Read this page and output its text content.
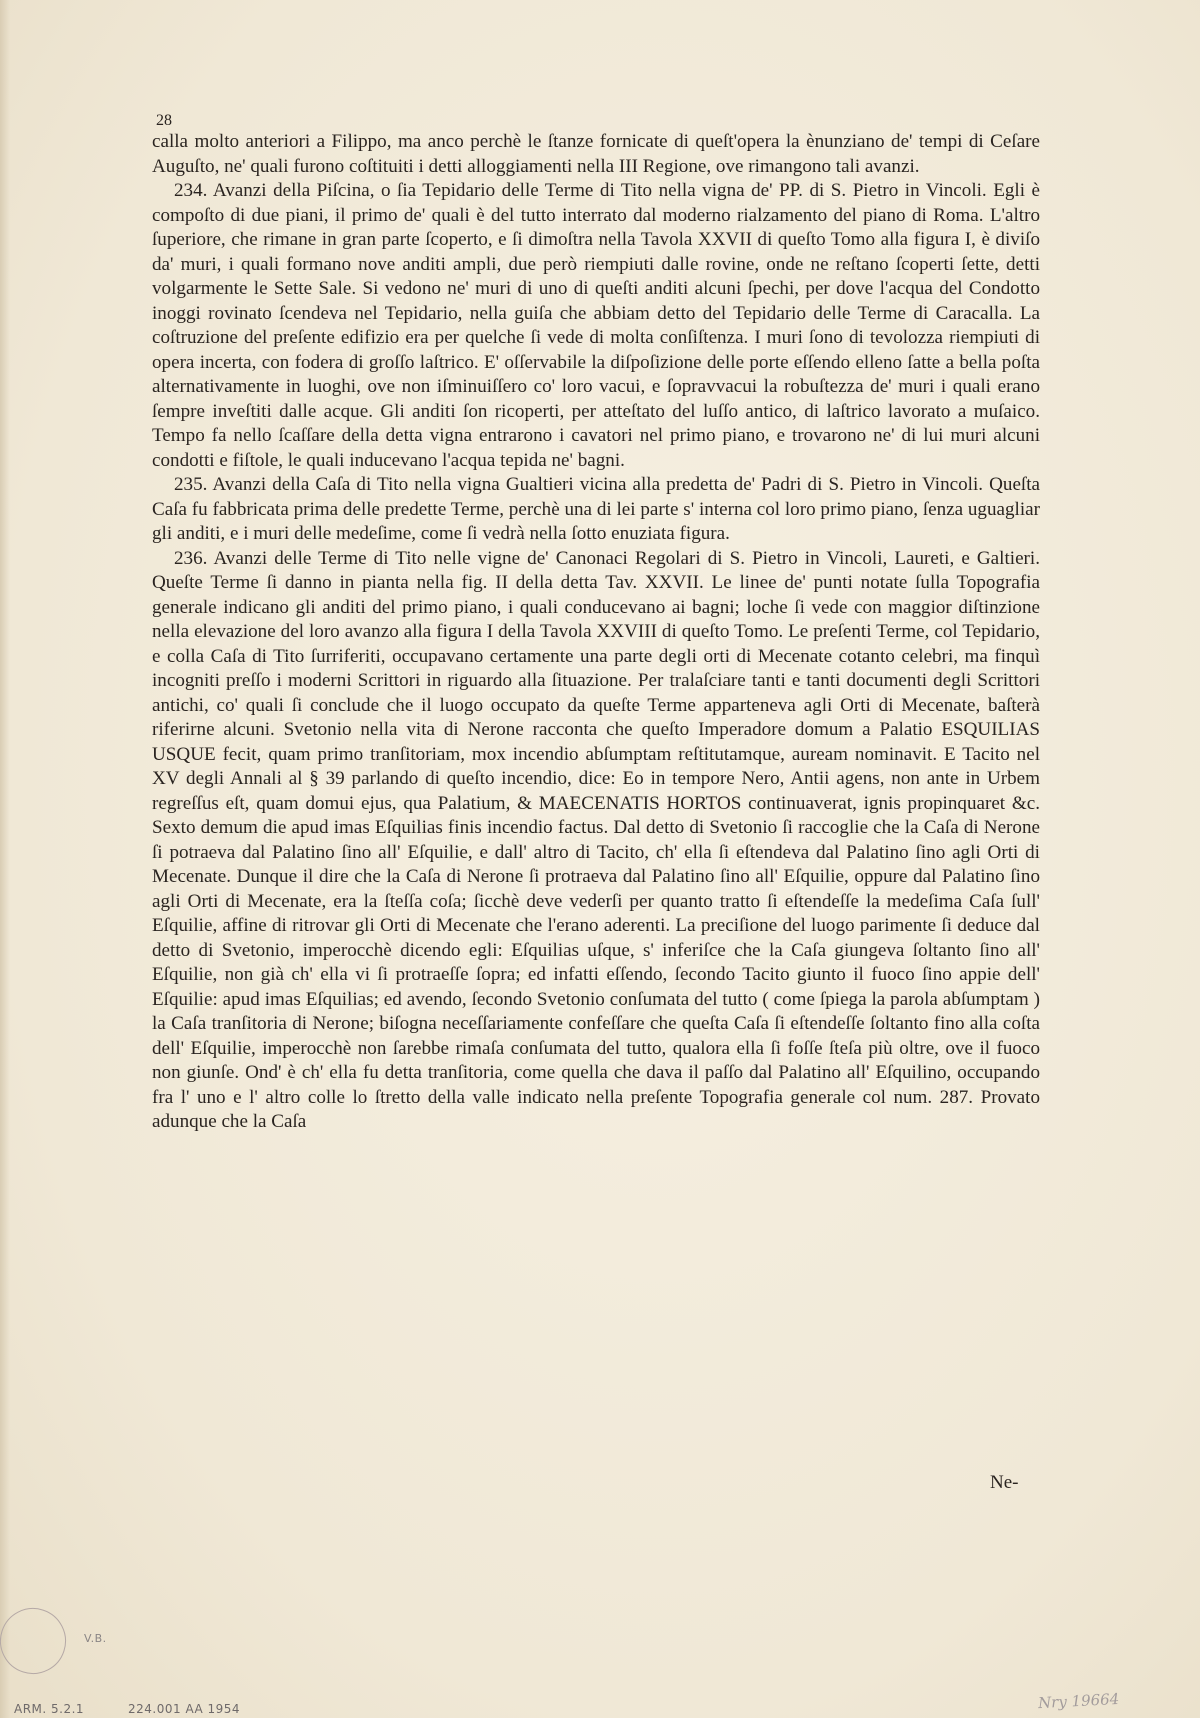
28

calla molto anteriori a Filippo, ma anco perchè le ſtanze fornicate di queſt'opera la ènunziano de' tempi di Ceſare Auguſto, ne' quali furono coſtituiti i detti alloggiamenti nella III Regione, ove rimangono tali avanzi.

234. Avanzi della Piſcina, o ſia Tepidario delle Terme di Tito nella vigna de' PP. di S. Pietro in Vincoli. Egli è compoſto di due piani, il primo de' quali è del tutto interrato dal moderno rialzamento del piano di Roma. L'altro ſuperiore, che rimane in gran parte ſcoperto, e ſi dimoſtra nella Tavola XXVII di queſto Tomo alla figura I, è diviſo da' muri, i quali formano nove anditi ampli, due però riempiuti dalle rovine, onde ne reſtano ſcoperti ſette, detti volgarmente le Sette Sale. Si vedono ne' muri di uno di queſti anditi alcuni ſpechi, per dove l'acqua del Condotto inoggi rovinato ſcendeva nel Tepidario, nella guiſa che abbiam detto del Tepidario delle Terme di Caracalla. La coſtruzione del preſente edifizio era per quelche ſi vede di molta conſiſtenza. I muri ſono di tevolozza riempiuti di opera incerta, con fodera di groſſo laſtrico. E' oſſervabile la diſpoſizione delle porte eſſendo elleno ſatte a bella poſta alternativamente in luoghi, ove non iſminuiſſero co' loro vacui, e ſopravvacui la robuſtezza de' muri i quali erano ſempre inveſtiti dalle acque. Gli anditi ſon ricoperti, per atteſtato del luſſo antico, di laſtrico lavorato a muſaico. Tempo fa nello ſcaſſare della detta vigna entrarono i cavatori nel primo piano, e trovarono ne' di lui muri alcuni condotti e fiſtole, le quali inducevano l'acqua tepida ne' bagni.

235. Avanzi della Caſa di Tito nella vigna Gualtieri vicina alla predetta de' Padri di S. Pietro in Vincoli. Queſta Caſa fu fabbricata prima delle predette Terme, perchè una di lei parte s' interna col loro primo piano, ſenza uguagliar gli anditi, e i muri delle medeſime, come ſi vedrà nella ſotto enuziata figura.

236. Avanzi delle Terme di Tito nelle vigne de' Canonaci Regolari di S. Pietro in Vincoli, Laureti, e Galtieri. Queſte Terme ſi danno in pianta nella fig. II della detta Tav. XXVII. Le linee de' punti notate ſulla Topografia generale indicano gli anditi del primo piano, i quali conducevano ai bagni; loche ſi vede con maggior diſtinzione nella elevazione del loro avanzo alla figura I della Tavola XXVIII di queſto Tomo. Le preſenti Terme, col Tepidario, e colla Caſa di Tito ſurriferiti, occupavano certamente una parte degli orti di Mecenate cotanto celebri, ma finquì incogniti preſſo i moderni Scrittori in riguardo alla ſituazione. Per tralaſciare tanti e tanti documenti degli Scrittori antichi, co' quali ſi conclude che il luogo occupato da queſte Terme apparteneva agli Orti di Mecenate, baſterà riferirne alcuni. Svetonio nella vita di Nerone racconta che queſto Imperadore domum a Palatio ESQUILIAS USQUE fecit, quam primo tranſitoriam, mox incendio abſumptam reſtitutamque, auream nominavit. E Tacito nel XV degli Annali al § 39 parlando di queſto incendio, dice: Eo in tempore Nero, Antii agens, non ante in Urbem regreſſus eſt, quam domui ejus, qua Palatium, & MAECENATIS HORTOS continuaverat, ignis propinquaret &c. Sexto demum die apud imas Eſquilias finis incendio factus. Dal detto di Svetonio ſi raccoglie che la Caſa di Nerone ſi potraeva dal Palatino ſino all' Eſquilie, e dall' altro di Tacito, ch' ella ſi eſtendeva dal Palatino ſino agli Orti di Mecenate. Dunque il dire che la Caſa di Nerone ſi protraeva dal Palatino ſino all' Eſquilie, oppure dal Palatino ſino agli Orti di Mecenate, era la ſteſſa coſa; ſicchè deve vederſi per quanto tratto ſi eſtendeſſe la medeſima Caſa ſull' Eſquilie, affine di ritrovar gli Orti di Mecenate che l'erano aderenti. La preciſione del luogo parimente ſi deduce dal detto di Svetonio, imperocchè dicendo egli: Eſquilias uſque, s' inferiſce che la Caſa giungeva ſoltanto ſino all' Eſquilie, non già ch' ella vi ſi protraeſſe ſopra; ed infatti eſſendo, ſecondo Tacito giunto il fuoco ſino appie dell' Eſquilie: apud imas Eſquilias; ed avendo, ſecondo Svetonio conſumata del tutto ( come ſpiega la parola abſumptam ) la Caſa tranſitoria di Nerone; biſogna neceſſariamente confeſſare che queſta Caſa ſi eſtendeſſe ſoltanto fino alla coſta dell' Eſquilie, imperocchè non ſarebbe rimaſa conſumata del tutto, qualora ella ſi foſſe ſteſa più oltre, ove il fuoco non giunſe. Ond' è ch' ella fu detta tranſitoria, come quella che dava il paſſo dal Palatino all' Eſquilino, occupando fra l' uno e l' altro colle lo ſtretto della valle indicato nella preſente Topografia generale col num. 287. Provato adunque che la Caſa

Ne-
V.B.
ARM. 5.2.1	224.001 AA 1954	Nry 19664
